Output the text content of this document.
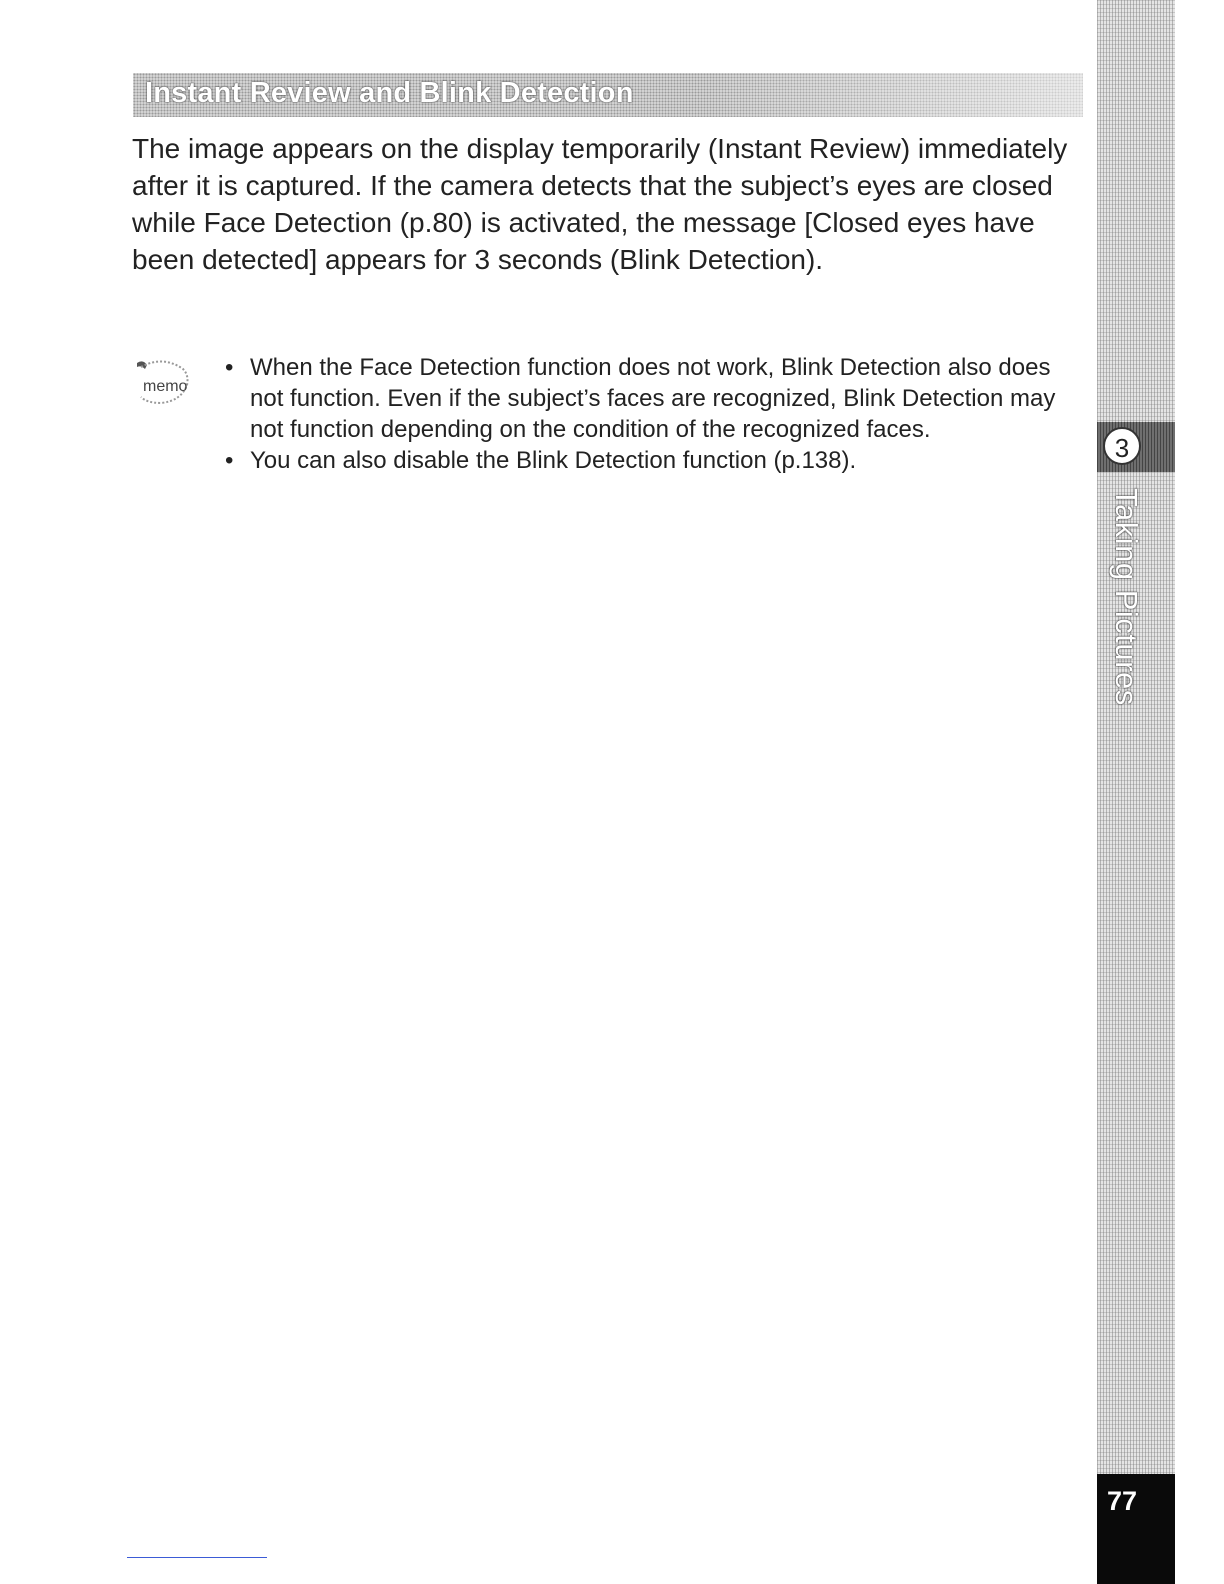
Instant Review and Blink Detection

The image appears on the display temporarily (Instant Review) immediately after it is captured. If the camera detects that the subject’s eyes are closed while Face Detection (p.80) is activated, the message [Closed eyes have been detected] appears for 3 seconds (Blink Detection).

memo
• When the Face Detection function does not work, Blink Detection also does not function. Even if the subject’s faces are recognized, Blink Detection may not function depending on the condition of the recognized faces.
• You can also disable the Blink Detection function (p.138).	3
Taking Pictures
77
